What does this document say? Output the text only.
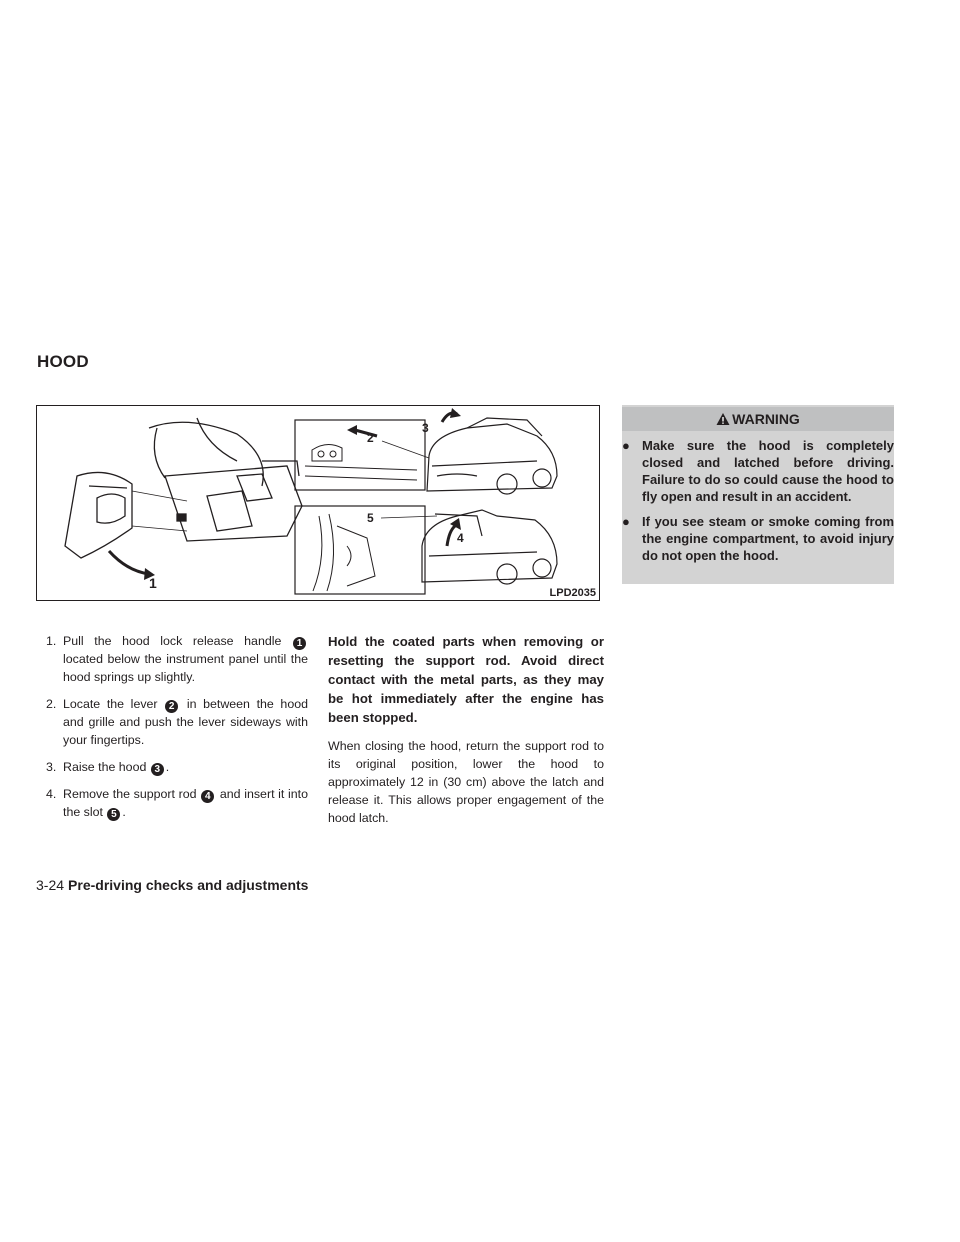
HOOD
1
2
5
3
4
LPD2035
1. Pull the hood lock release handle 1 located below the instrument panel until the hood springs up slightly.
2. Locate the lever 2 in between the hood and grille and push the lever sideways with your fingertips.
3. Raise the hood 3 .
4. Remove the support rod 4 and insert it into the slot 5 .

Hold the coated parts when removing or resetting the support rod. Avoid direct contact with the metal parts, as they may be hot immediately after the engine has been stopped.

When closing the hood, return the support rod to its original position, lower the hood to approximately 12 in (30 cm) above the latch and release it. This allows proper engagement of the hood latch.

WARNING
● Make sure the hood is completely closed and latched before driving. Failure to do so could cause the hood to fly open and result in an accident.
● If you see steam or smoke coming from the engine compartment, to avoid injury do not open the hood.
3-24 Pre-driving checks and adjustments
